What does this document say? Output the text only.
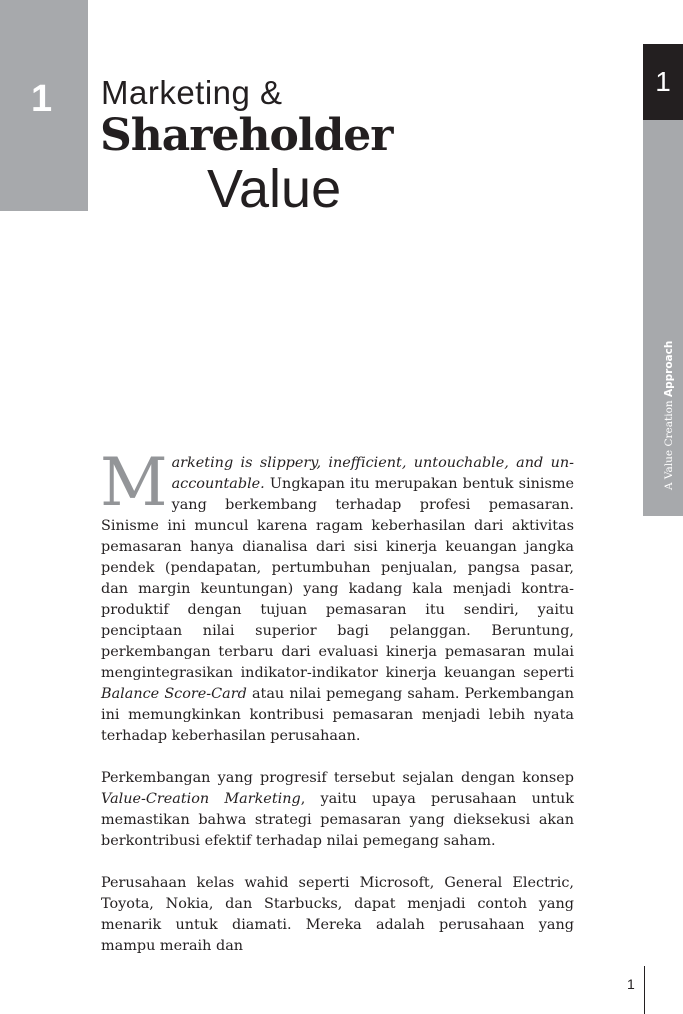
1 Marketing &
Shareholder
Value
1
A Value Creation Approach

Marketing is slippery, inefficient, untouchable, and unaccountable. Ungkapan itu merupakan bentuk sinisme yang berkembang terhadap profesi pemasaran. Sinisme ini muncul karena ragam keberhasilan dari aktivitas pemasaran hanya dianalisa dari sisi kinerja keuangan jangka pendek (pendapatan, pertumbuhan penjualan, pangsa pasar, dan margin keuntungan) yang kadang kala menjadi kontra-produktif dengan tujuan pemasaran itu sendiri, yaitu penciptaan nilai superior bagi pelanggan. Beruntung, perkembangan terbaru dari evaluasi kinerja pemasaran mulai mengintegrasikan indikator-indikator kinerja keuangan seperti Balance Score-Card atau nilai pemegang saham. Perkembangan ini memungkinkan kontribusi pemasaran menjadi lebih nyata terhadap keberhasilan perusahaan.

Perkembangan yang progresif tersebut sejalan dengan konsep Value-Creation Marketing, yaitu upaya perusahaan untuk memastikan bahwa strategi pemasaran yang dieksekusi akan berkontribusi efektif terhadap nilai pemegang saham.

Perusahaan kelas wahid seperti Microsoft, General Electric, Toyota, Nokia, dan Starbucks, dapat menjadi contoh yang menarik untuk diamati. Mereka adalah perusahaan yang mampu meraih dan

1
